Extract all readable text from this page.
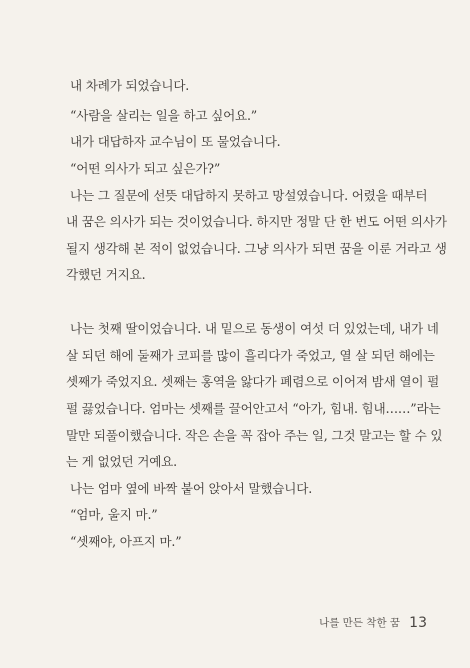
내 차례가 되었습니다.
“사람을 살리는 일을 하고 싶어요.”
내가 대답하자 교수님이 또 물었습니다.
“어떤 의사가 되고 싶은가?”
나는 그 질문에 선뜻 대답하지 못하고 망설였습니다. 어렸을 때부터
내 꿈은 의사가 되는 것이었습니다. 하지만 정말 단 한 번도 어떤 의사가
될지 생각해 본 적이 없었습니다. 그냥 의사가 되면 꿈을 이룬 거라고 생
각했던 거지요.
나는 첫째 딸이었습니다. 내 밑으로 동생이 여섯 더 있었는데, 내가 네
살 되던 해에 둘째가 코피를 많이 흘리다가 죽었고, 열 살 되던 해에는
셋째가 죽었지요. 셋째는 홍역을 앓다가 폐렴으로 이어져 밤새 열이 펄
펄 끓었습니다. 엄마는 셋째를 끌어안고서 “아가, 힘내. 힘내……”라는
말만 되풀이했습니다. 작은 손을 꼭 잡아 주는 일, 그것 말고는 할 수 있
는 게 없었던 거예요.
나는 엄마 옆에 바짝 붙어 앉아서 말했습니다.
“엄마, 울지 마.”
“셋째야, 아프지 마.”
나를 만든 착한 꿈 13
